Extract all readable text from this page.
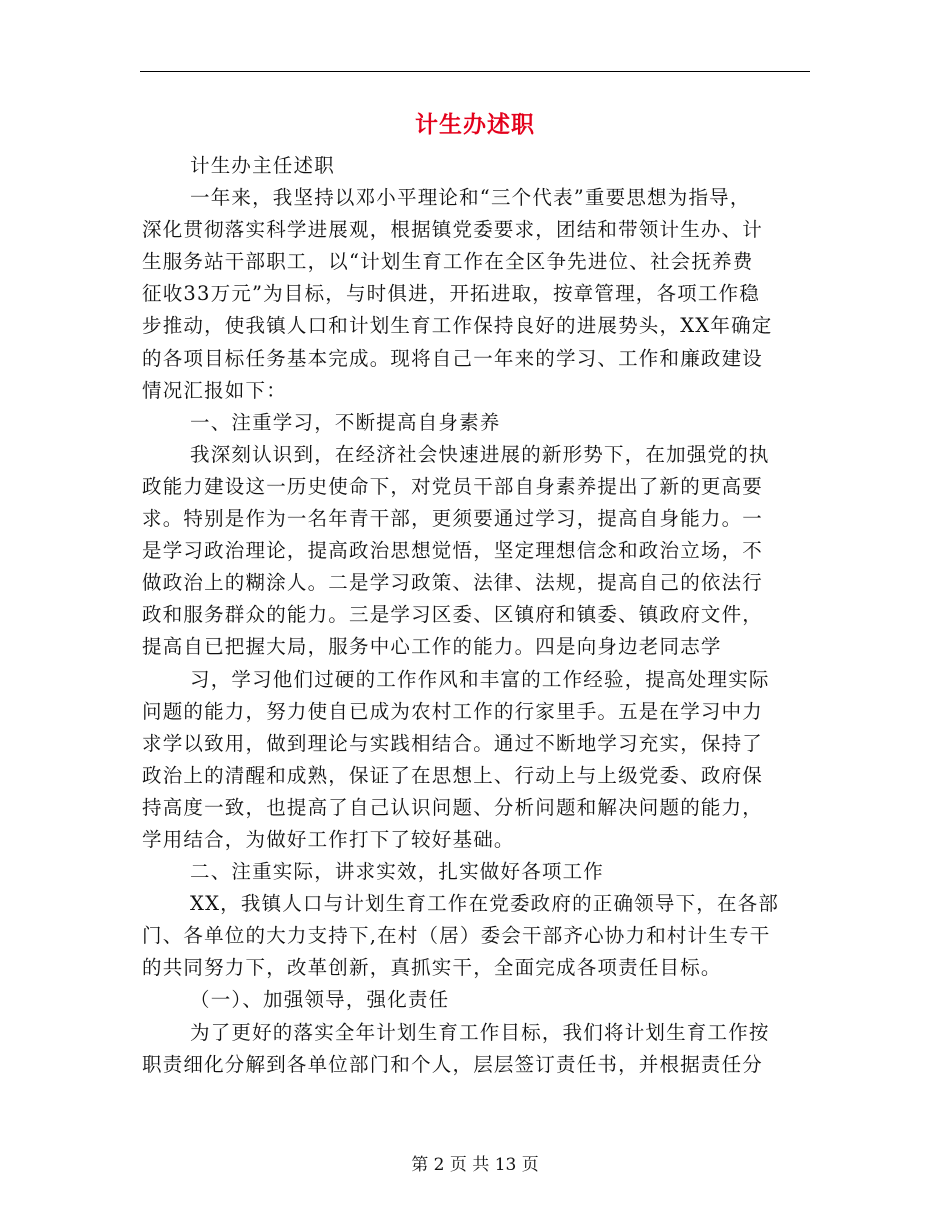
计生办述职

计生办主任述职

一年来，我坚持以邓小平理论和“三个代表”重要思想为指导，

深化贯彻落实科学进展观，根据镇党委要求，团结和带领计生办、计

生服务站干部职工，以“计划生育工作在全区争先进位、社会抚养费

征收33万元”为目标，与时俱进，开拓进取，按章管理，各项工作稳

步推动，使我镇人口和计划生育工作保持良好的进展势头，XX年确定

的各项目标任务基本完成。现将自己一年来的学习、工作和廉政建设

情况汇报如下：

一、注重学习，不断提高自身素养

我深刻认识到，在经济社会快速进展的新形势下，在加强党的执

政能力建设这一历史使命下，对党员干部自身素养提出了新的更高要

求。特别是作为一名年青干部，更须要通过学习，提高自身能力。一

是学习政治理论，提高政治思想觉悟，坚定理想信念和政治立场，不

做政治上的糊涂人。二是学习政策、法律、法规，提高自己的依法行

政和服务群众的能力。三是学习区委、区镇府和镇委、镇政府文件，

提高自已把握大局，服务中心工作的能力。四是向身边老同志学

习，学习他们过硬的工作作风和丰富的工作经验，提高处理实际

问题的能力，努力使自已成为农村工作的行家里手。五是在学习中力

求学以致用，做到理论与实践相结合。通过不断地学习充实，保持了

政治上的清醒和成熟，保证了在思想上、行动上与上级党委、政府保

持高度一致，也提高了自己认识问题、分析问题和解决问题的能力，

学用结合，为做好工作打下了较好基础。

二、注重实际，讲求实效，扎实做好各项工作

XX，我镇人口与计划生育工作在党委政府的正确领导下，在各部

门、各单位的大力支持下,在村（居）委会干部齐心协力和村计生专干

的共同努力下，改革创新，真抓实干，全面完成各项责任目标。

（一）、加强领导，强化责任

为了更好的落实全年计划生育工作目标，我们将计划生育工作按

职责细化分解到各单位部门和个人，层层签订责任书，并根据责任分

第 2 页 共 13 页
